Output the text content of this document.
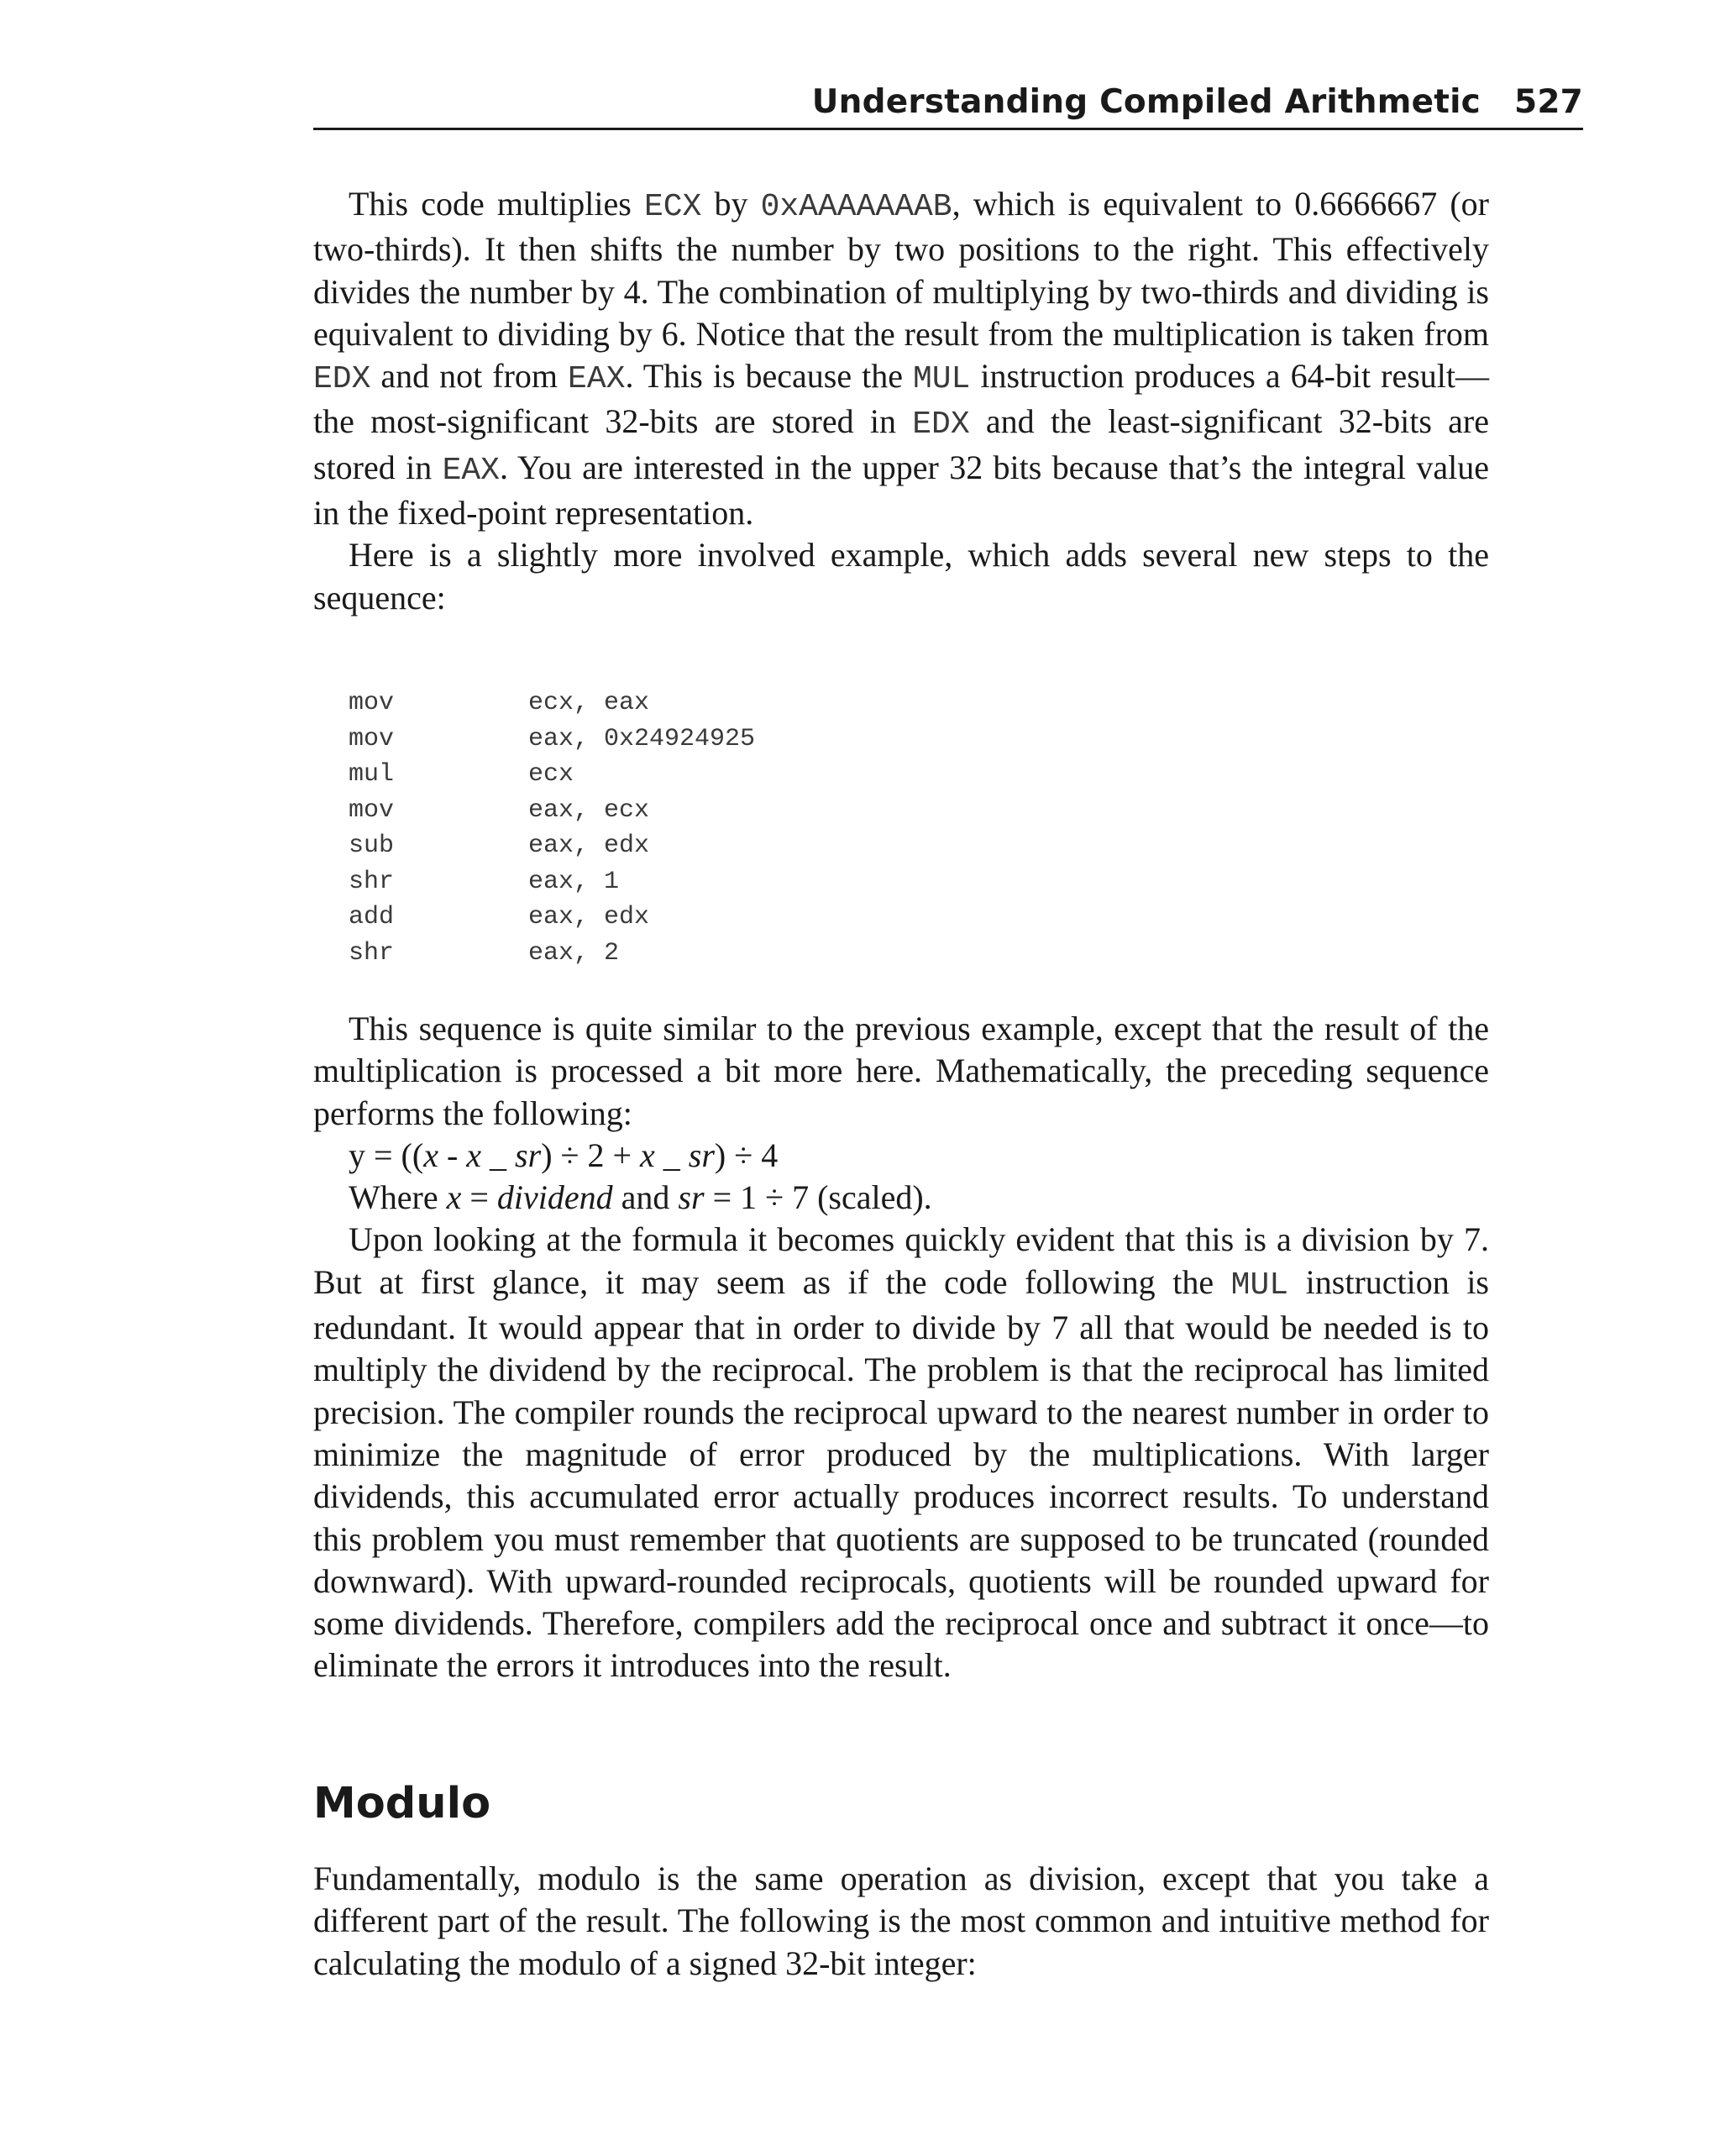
Understanding Compiled Arithmetic 527

This code multiplies ECX by 0xAAAAAAAB, which is equivalent to 0.6666667 (or two-thirds). It then shifts the number by two positions to the right. This effectively divides the number by 4. The combination of multiplying by two-thirds and dividing is equivalent to dividing by 6. Notice that the result from the multiplication is taken from EDX and not from EAX. This is because the MUL instruction produces a 64-bit result—the most-significant 32-bits are stored in EDX and the least-significant 32-bits are stored in EAX. You are interested in the upper 32 bits because that’s the integral value in the fixed-point representation.

Here is a slightly more involved example, which adds several new steps to the sequence:

mov	ecx, eax
mov	eax, 0x24924925
mul	ecx
mov	eax, ecx
sub	eax, edx
shr	eax, 1
add	eax, edx
shr	eax, 2

This sequence is quite similar to the previous example, except that the result of the multiplication is processed a bit more here. Mathematically, the preceding sequence performs the following:

y = ((x - x _ sr) ÷ 2 + x _ sr) ÷ 4

Where x = dividend and sr = 1 ÷ 7 (scaled).

Upon looking at the formula it becomes quickly evident that this is a division by 7. But at first glance, it may seem as if the code following the MUL instruction is redundant. It would appear that in order to divide by 7 all that would be needed is to multiply the dividend by the reciprocal. The problem is that the reciprocal has limited precision. The compiler rounds the reciprocal upward to the nearest number in order to minimize the magnitude of error produced by the multiplications. With larger dividends, this accumulated error actually produces incorrect results. To understand this problem you must remember that quotients are supposed to be truncated (rounded downward). With upward-rounded reciprocals, quotients will be rounded upward for some dividends. Therefore, compilers add the reciprocal once and subtract it once—to eliminate the errors it introduces into the result.

Modulo

Fundamentally, modulo is the same operation as division, except that you take a different part of the result. The following is the most common and intuitive method for calculating the modulo of a signed 32-bit integer:
